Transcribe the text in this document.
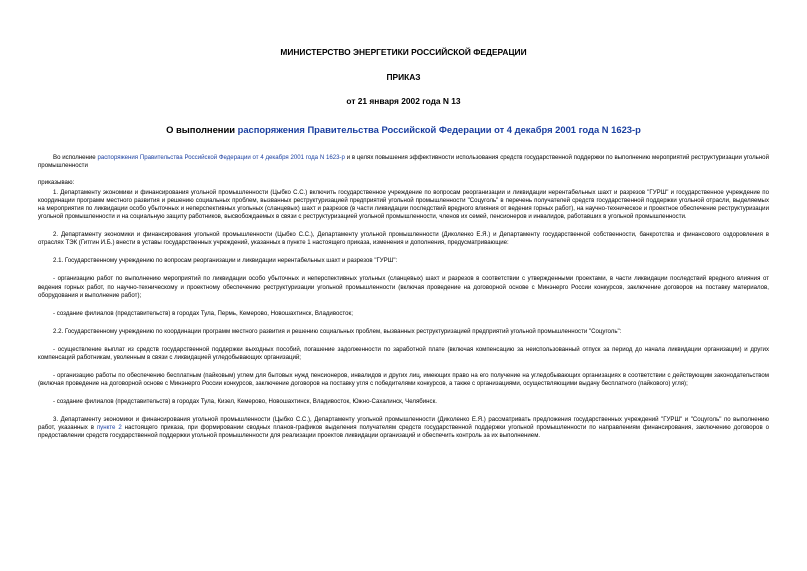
МИНИСТЕРСТВО ЭНЕРГЕТИКИ РОССИЙСКОЙ ФЕДЕРАЦИИ
ПРИКАЗ
от 21 января 2002 года N 13
О выполнении распоряжения Правительства Российской Федерации от 4 декабря 2001 года N 1623-р

Во исполнение распоряжения Правительства Российской Федерации от 4 декабря 2001 года N 1623-р и в целях повышения эффективности использования средств государственной поддержки по выполнению мероприятий реструктуризации угольной промышленности

приказываю:

1. Департаменту экономики и финансирования угольной промышленности (Цыбко С.С.) включить государственное учреждение по вопросам реорганизации и ликвидации нерентабельных шахт и разрезов "ГУРШ" и государственное учреждение по координации программ местного развития и решению социальных проблем, вызванных реструктуризацией предприятий угольной промышленности "Соцуголь" в перечень получателей средств государственной поддержки угольной отрасли, выделяемых на мероприятия по ликвидации особо убыточных и неперспективных угольных (сланцевых) шахт и разрезов (в части ликвидации последствий вредного влияния от ведения горных работ), на научно-техническое и проектное обеспечение реструктуризации угольной промышленности и на социальную защиту работников, высвобождаемых в связи с реструктуризацией угольной промышленности, членов их семей, пенсионеров и инвалидов, работавших в угольной промышленности.

2. Департаменту экономики и финансирования угольной промышленности (Цыбко С.С.), Департаменту угольной промышленности (Диколенко Е.Я.) и Департаменту государственной собственности, банкротства и финансового оздоровления в отраслях ТЭК (Гитгин И.Б.) внести в уставы государственных учреждений, указанных в пункте 1 настоящего приказа, изменения и дополнения, предусматривающие:

2.1. Государственному учреждению по вопросам реорганизации и ликвидации нерентабельных шахт и разрезов "ГУРШ":

- организацию работ по выполнению мероприятий по ликвидации особо убыточных и неперспективных угольных (сланцевых) шахт и разрезов в соответствии с утвержденными проектами, в части ликвидации последствий вредного влияния от ведения горных работ, по научно-техническому и проектному обеспечению реструктуризации угольной промышленности (включая проведение на договорной основе с Минэнерго России конкурсов, заключение договоров на поставку материалов, оборудования и выполнение работ);

- создание филиалов (представительств) в городах Тула, Пермь, Кемерово, Новошахтинск, Владивосток;

2.2. Государственному учреждению по координации программ местного развития и решению социальных проблем, вызванных реструктуризацией предприятий угольной промышленности "Соцуголь":

- осуществление выплат из средств государственной поддержки выходных пособий, погашение задолженности по заработной плате (включая компенсацию за неиспользованный отпуск за период до начала ликвидации организации) и других компенсаций работникам, уволенным в связи с ликвидацией угледобывающих организаций;

- организацию работы по обеспечению бесплатным (пайковым) углем для бытовых нужд пенсионеров, инвалидов и других лиц, имеющих право на его получение на угледобывающих организациях в соответствии с действующим законодательством (включая проведение на договорной основе с Минэнерго России конкурсов, заключение договоров на поставку угля с победителями конкурсов, а также с организациями, осуществляющими выдачу бесплатного (пайкового) угля);

- создание филиалов (представительств) в городах Тула, Кизел, Кемерово, Новошахтинск, Владивосток, Южно-Сахалинск, Челябинск.

3. Департаменту экономики и финансирования угольной промышленности (Цыбко С.С.), Департаменту угольной промышленности (Диколенко Е.Я.) рассматривать предложения государственных учреждений "ГУРШ" и "Соцуголь" по выполнению работ, указанных в пункте 2 настоящего приказа, при формировании сводных планов-графиков выделения получателям средств государственной поддержки угольной промышленности по направлениям финансирования, заключению договоров о предоставлении средств государственной поддержки угольной промышленности для реализации проектов ликвидации организаций и обеспечить контроль за их выполнением.
